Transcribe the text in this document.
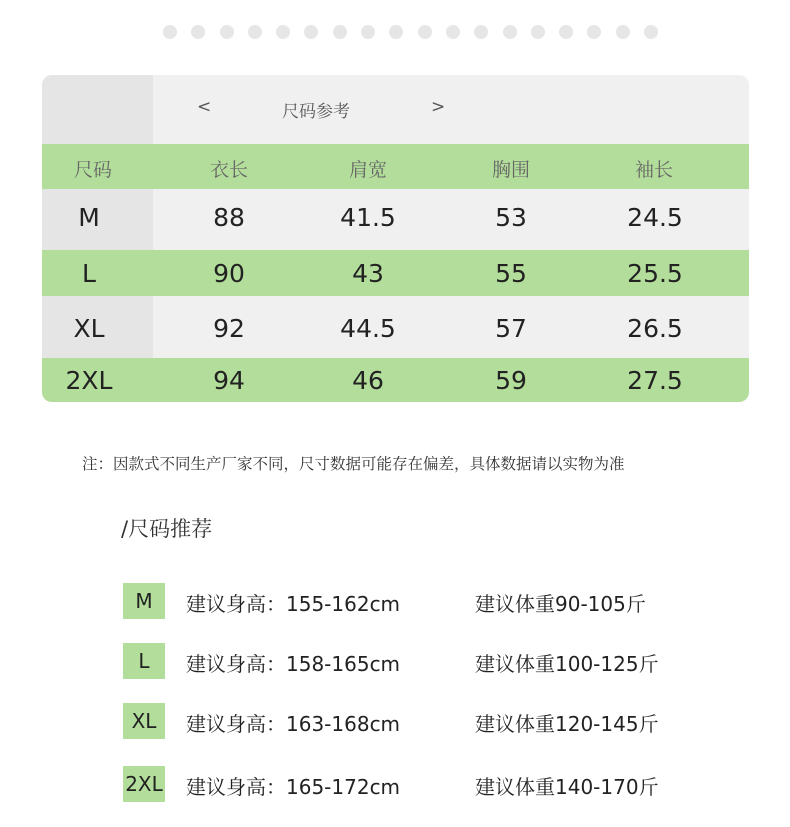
<	尺码参考	>
尺码	衣长	肩宽	胸围	袖长
M	88	41.5	53	24.5
L	90	43	55	25.5
XL	92	44.5	57	26.5
2XL	94	46	59	27.5
注：因款式不同生产厂家不同，尺寸数据可能存在偏差，具体数据请以实物为准
/尺码推荐
M	建议身高：155-162cm	建议体重90-105斤
L	建议身高：158-165cm	建议体重100-125斤
XL	建议身高：163-168cm	建议体重120-145斤
2XL 建议身高：165-172cm	建议体重140-170斤
